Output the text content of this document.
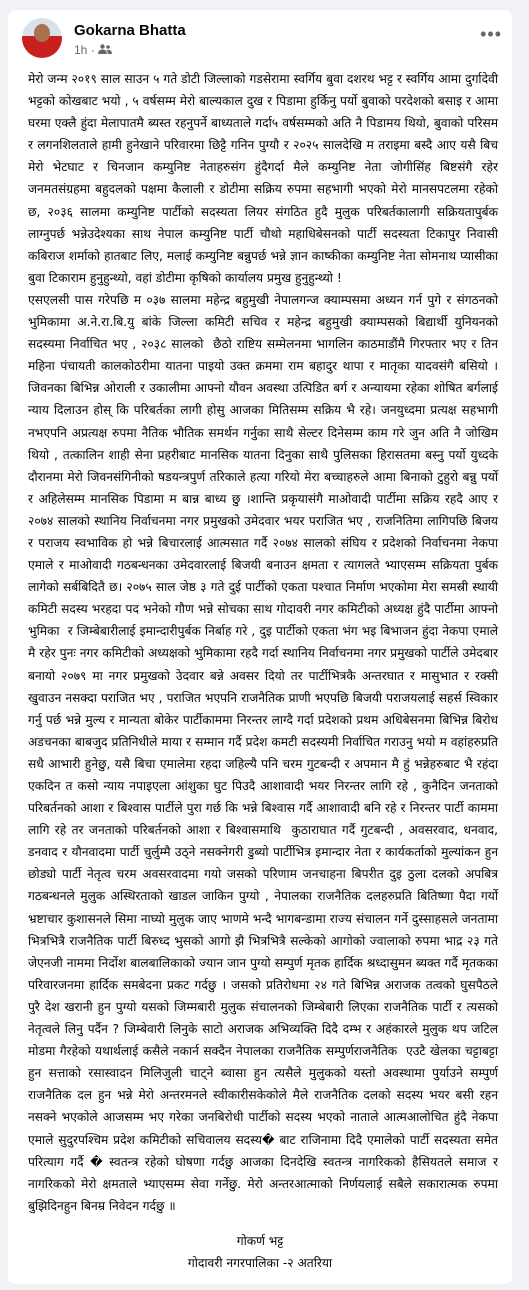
Gokarna Bhatta
1h ·
•••
मेरो जन्म २०१९ साल साउन ५ गते डोटी जिल्लाको गडसेरामा स्वर्गिय बुवा दशरथ भट्ट र स्वर्गिय आमा दुर्गादेवी भट्टको कोखबाट भयो , ५ वर्षसम्म मेरो बाल्यकाल दुख र पिडामा हुर्किनु पर्यो बुवाको परदेशको बसाइ र आमा घरमा एक्लै हुंदा मेलापातमै ब्यस्त रहनुपर्ने बाध्यताले गर्दा५ वर्षसम्मको अति नै पिडामय थियो, बुवाको परिसम र लगनशिलताले हामी हुनेखाने परिवारमा छिट्टै गनिन पुग्यौ र २०२५ सालदेखि म तराइमा बस्दै आए यसै बिच मेरो भेटघाट र चिनजान कम्युनिष्ट नेताहरुसंग हुंदैगर्दा मैले कम्युनिष्ट नेता जोगीसिंह बिष्टसंगै रहेर जनमतसंग्रहमा बहुदलको पक्षमा कैलाली र डोटीमा सक्रिय रुपमा सहभागी भएको मेरो मानसपटलमा रहेको छ, २०३६ सालमा कम्युनिष्ट पार्टीको सदस्यता लियर संगठित हुदै मुलुक परिबर्तकालागी सक्रियतापुर्बक लाग्नुपर्छ भन्नेउदेश्यका साथ नेपाल कम्युनिष्ट पार्टी चौथो महाधिबेसनको पार्टी सदस्यता टिकापुर निवासी कबिराज शर्माको हातबाट लिए, मलाई कम्युनिष्ट बन्नुपर्छ भन्ने ज्ञान काष्कीका कम्युनिष्ट नेता सोमनाथ प्यासीका बुवा टिकाराम हुनुहुन्थ्यो, वहां डोटीमा कृषिको कार्यालय प्रमुख हुनुहुन्थ्यो !
एसएलसी पास गरेपछि म ०३७ सालमा महेन्द्र बहुमुखी नेपालगन्ज क्याम्पसमा अध्यन गर्न पुगे र संगठनको भुमिकामा अ.ने.रा.बि.यु बांके जिल्ला कमिटी सचिव र महेन्द्र बहुमुखी क्याम्पसको बिद्यार्थी युनियनको सदस्यमा निर्वाचित भए , २०३८ सालको  छैठो राष्टिय सम्मेलनमा भागलिन काठमाडौंमै गिरफ्तार भए र तिन महिना पंचायती कालकोठरीमा यातना पाइयो उक्त क्रममा राम बहादुर थापा र मातृका यादवसंगै बसियो । जिवनका बिभिन्न ओराली र उकालीमा आफ्नो यौवन अवस्था उत्पिडित बर्ग र अन्यायमा रहेका शोषित बर्गलाई न्याय दिलाउन होस् कि परिबर्तका लागी होसु आजका मितिसम्म सक्रिय भै रहे। जनयुध्दमा प्रत्यक्ष सहभागी नभएपनि अप्रत्यक्ष रुपमा नैतिक भौतिक समर्थन गर्नुका साथै सेल्टर दिनेसम्म काम गरे जुन अति नै जोखिम थियो , तत्कालिन शाही सेना प्रहरीबाट मानसिक यातना दिनुका साथै पुलिसका हिरासतमा बस्नु पर्यो युध्दके दौरानमा मेरो जिवनसंगिनीको षडयन्त्रपुर्ण तरिकाले हत्या गरियो मेरा बच्चाहरुले आमा बिनाको टुहुरो बन्नु पर्यो र अहिलेसम्म मानसिक पिडामा म बान्न बाध्य छु ।शान्ति प्रकृयासंगै माओवादी पार्टीमा सक्रिय रहदै आए र २०७४ सालको स्थानिय निर्वाचनमा नगर प्रमुखको उमेदवार भयर पराजित भए , राजनितिमा लागिपछि बिजय र पराजय स्वभाविक हो भन्ने बिचारलाई आत्मसात गर्दै २०७४ सालको संघिय र प्रदेशको निर्वाचनमा नेकपा एमाले र माओवादी गठबन्धनका उमेदवारलाई बिजयी बनाउन क्षमता र त्यागलते भ्याएसम्म सक्रियता पुर्बक लागेको सर्बबिदितै छ। २०७५ साल जेष्ठ ३ गते दुई पार्टीको एकता पश्चात निर्माण भएकोमा मेरा समस्री स्थायी कमिटी सदस्य भरहदा पद भनेको गौण भन्ने सोचका साथ गोदावरी नगर कमिटीको अध्यक्ष हुंदै पार्टीमा आफ्नो भुमिका  र जिम्बेबारीलाई इमान्दारीपुर्बक निर्बाह गरे , दुइ पार्टीको एकता भंग भइ बिभाजन हुंदा नेकपा एमाले मै रहेर पुनः नगर कमिटीको अध्यक्षको भुमिकामा रहदै गर्दा स्थानिय निर्वाचनमा नगर प्रमुखको पार्टीले उमेदबार बनायो २०७९ मा नगर प्रमुखको उेदवार बन्ने अवसर दियो तर पार्टीभित्रकै अन्तरघात र मासुभात र रक्सी खुवाउन नसक्दा पराजित भए , पराजित भएपनि राजनैतिक प्राणी भएपछि बिजयी पराजयलाई सहर्स स्विकार गर्नु पर्छ भन्ने मुल्य र मान्यता बोकेर पार्टीकाममा निरन्तर लाग्दै गर्दा प्रदेशको प्रथम अधिबेसनमा बिभिन्न बिरोध अडचनका बाबजुद प्रतिनिधीले माया र सम्मान गर्दै प्रदेश कमटी सदस्यमी निर्वाचित गराउनु भयो म वहांहरुप्रति सधै आभारी हुनेछु, यसै बिचा एमालेमा रहदा जहिल्यै पनि चरम गुटबन्दी र अपमान मै हुं भन्नेहरुबाट भै रहंदा एकदिन त कसो न्याय नपाइएला आंशुका घुट पिउदै आशावादी भयर निरन्तर लागि रहे , कुनैदिन जनताको परिबर्तनको आशा र बिश्वास पार्टीले पुरा गर्छ कि भन्ने बिश्वास गर्दै आशावादी बनि रहे र निरन्तर पार्टी काममा लागि रहे तर जनताको परिबर्तनको आशा र बिश्वासमाथि  कुठाराघात गर्दै गुटबन्दी , अवसरवाद, धनवाद, डनवाद र यौनवादमा पार्टी चुर्लुम्मै उठ्ने नसक्नेगरी डुब्यो पार्टीभित्र इमान्दार नेता र कार्यकर्ताको मुल्यांकन हुन छोड्यो पार्टी नेतृत्व चरम अवसरवादमा गयो जसको परिणाम जनचाहना बिपरीत दुइ ठुला दलको अपबित्र गठबन्धनले मुलुक अस्थिरताको खाडल जाकिन पुग्यो , नेपालका राजनैतिक दलहरुप्रति बितिष्णा पैदा गर्यो भ्रष्टाचार कुशासनले सिमा नाघ्यो मुलुक जाए भाणमे भन्दै भागबन्डामा राज्य संचालन गर्ने दुस्साहसले जनतामा भित्रभित्रै राजनैतिक पार्टी बिरुध्द भुसको आगो झै भित्रभित्रै सल्केको आगोको ज्वालाको रुपमा भाद्र २३ गते जेएनजी नाममा निर्दोश बालबालिकाको ज्यान जान पुग्यो सम्पुर्ण मृतक हार्दिक श्रध्दासुमन ब्यक्त गर्दै मृतकका परिवारजनमा हार्दिक समबेदना प्रकट गर्दछु । जसको प्रतिरोधमा २४ गते बिभिन्न अराजक तत्वको घुसपैठले पुरै देश खरानी हुन पुग्यो यसको जिम्मबारी मुलुक संचालनको जिम्बेबारी लिएका राजनैतिक पार्टी र त्यसको नेतृत्वले लिनु पर्दैन ? जिम्बेवारी लिनुके साटो अराजक अभिव्यक्ति दिदै दम्भ र अहंकारले मुलुक थप जटिल मोडमा गैरहेको यथार्थलाई कसैले नकार्न सक्दैन नेपालका राजनैतिक सम्पुर्णराजनैतिक  एउटै खेलका चट्टाबट्टा हुन सत्ताको रसास्वादन मिलिजुली चाट्ने ब्वासा हुन त्यसैले मुलुकको यस्तो अवस्थामा पुर्याउने सम्पुर्ण राजनैतिक दल हुन भन्ने मेरो अन्तरमनले स्वीकारीसकेकोले मैले राजनैतिक दलको सदस्य भयर बसी रहन नसक्ने भएकोले आजसम्म भए गरेका जनबिरोधी पार्टीको सदस्य भएको नाताले आत्मआलोचित हुंदै नेकपा एमाले सुदुरपश्चिम प्रदेश कमिटीको सचिवालय सदस्य� बाट राजिनामा दिदै एमालेको पार्टी सदस्यता समेत परित्याग गर्दै � स्वतन्त्र रहेको घोषणा गर्दछु आजका दिनदेखि स्वतन्त्र नागरिकको हैसियतले समाज र नागरिकको मेरो क्षमताले भ्याएसम्म सेवा गर्नेछु. मेरो अन्तरआत्माको निर्णयलाई सबैले सकारात्मक रुपमा बुझिदिनहुन बिनम्र निवेदन गर्दछु ॥
गोकर्ण भट्ट
गोदावरी नगरपालिका -२ अतरिया
